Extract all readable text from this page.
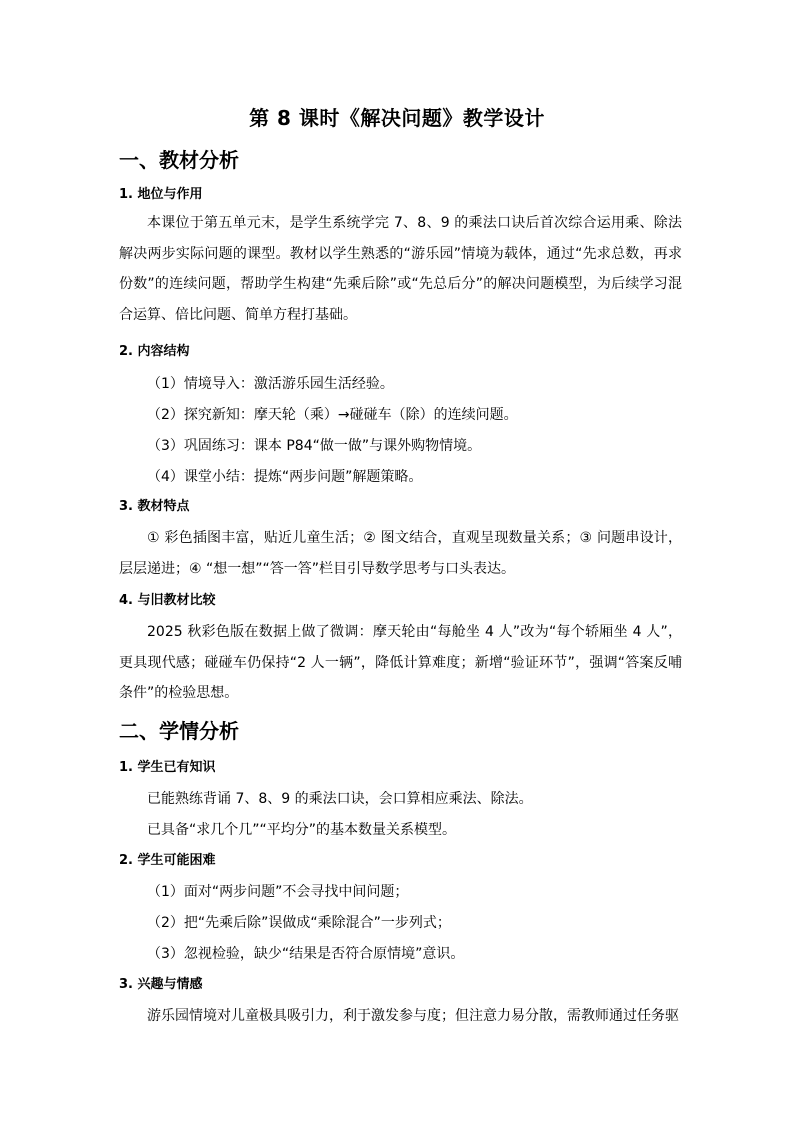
第 8 课时《解决问题》教学设计
一、教材分析
1. 地位与作用
本课位于第五单元末，是学生系统学完 7、8、9 的乘法口诀后首次综合运用乘、除法解决两步实际问题的课型。教材以学生熟悉的“游乐园”情境为载体，通过“先求总数，再求份数”的连续问题，帮助学生构建“先乘后除”或“先总后分”的解决问题模型，为后续学习混合运算、倍比问题、简单方程打基础。
2. 内容结构
（1）情境导入：激活游乐园生活经验。
（2）探究新知：摩天轮（乘）→碰碰车（除）的连续问题。
（3）巩固练习：课本 P84“做一做”与课外购物情境。
（4）课堂小结：提炼“两步问题”解题策略。
3. 教材特点
① 彩色插图丰富，贴近儿童生活；② 图文结合，直观呈现数量关系；③ 问题串设计，层层递进；④ “想一想”“答一答”栏目引导数学思考与口头表达。
4. 与旧教材比较
2025 秋彩色版在数据上做了微调：摩天轮由“每舱坐 4 人”改为“每个轿厢坐 4 人”，更具现代感；碰碰车仍保持“2 人一辆”，降低计算难度；新增“验证环节”，强调“答案反哺条件”的检验思想。
二、学情分析
1. 学生已有知识
已能熟练背诵 7、8、9 的乘法口诀，会口算相应乘法、除法。
已具备“求几个几”“平均分”的基本数量关系模型。
2. 学生可能困难
（1）面对“两步问题”不会寻找中间问题；
（2）把“先乘后除”误做成“乘除混合”一步列式；
（3）忽视检验，缺少“结果是否符合原情境”意识。
3. 兴趣与情感
游乐园情境对儿童极具吸引力，利于激发参与度；但注意力易分散，需教师通过任务驱
